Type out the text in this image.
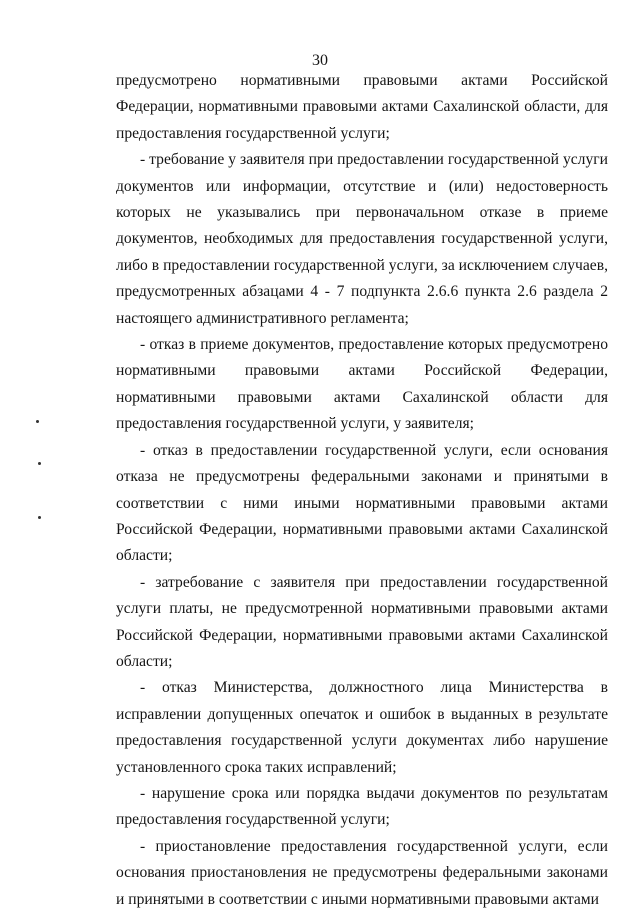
30

предусмотрено нормативными правовыми актами Российской Федерации, нормативными правовыми актами Сахалинской области, для предоставления государственной услуги;

- требование у заявителя при предоставлении государственной услуги документов или информации, отсутствие и (или) недостоверность которых не указывались при первоначальном отказе в приеме документов, необходимых для предоставления государственной услуги, либо в предоставлении государственной услуги, за исключением случаев, предусмотренных абзацами 4 - 7 подпункта 2.6.6 пункта 2.6 раздела 2 настоящего административного регламента;

- отказ в приеме документов, предоставление которых предусмотрено нормативными правовыми актами Российской Федерации, нормативными правовыми актами Сахалинской области для предоставления государственной услуги, у заявителя;

- отказ в предоставлении государственной услуги, если основания отказа не предусмотрены федеральными законами и принятыми в соответствии с ними иными нормативными правовыми актами Российской Федерации, нормативными правовыми актами Сахалинской области;

- затребование с заявителя при предоставлении государственной услуги платы, не предусмотренной нормативными правовыми актами Российской Федерации, нормативными правовыми актами Сахалинской области;

- отказ Министерства, должностного лица Министерства в исправлении допущенных опечаток и ошибок в выданных в результате предоставления государственной услуги документах либо нарушение установленного срока таких исправлений;

- нарушение срока или порядка выдачи документов по результатам предоставления государственной услуги;

- приостановление предоставления государственной услуги, если основания приостановления не предусмотрены федеральными законами и принятыми в соответствии с иными нормативными правовыми актами
